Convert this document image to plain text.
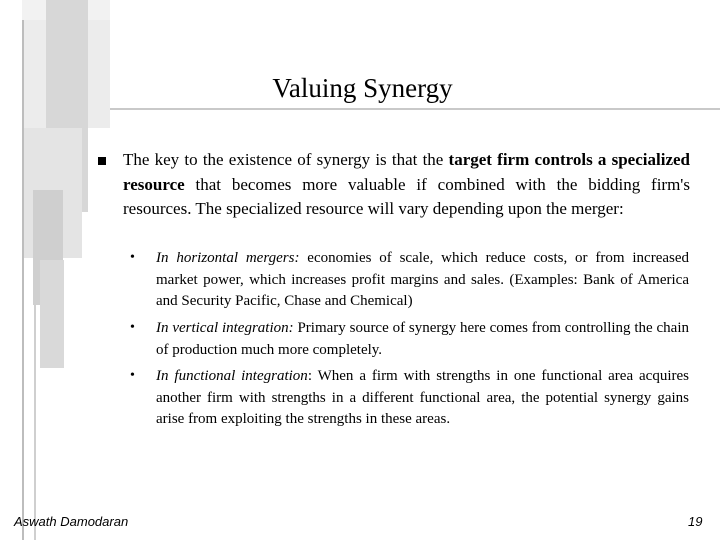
Valuing Synergy

The key to the existence of synergy is that the target firm controls a specialized resource that becomes more valuable if combined with the bidding firm's resources. The specialized resource will vary depending upon the merger:

• In horizontal mergers: economies of scale, which reduce costs, or from increased market power, which increases profit margins and sales. (Examples: Bank of America and Security Pacific, Chase and Chemical)

• In vertical integration: Primary source of synergy here comes from controlling the chain of production much more completely.

• In functional integration: When a firm with strengths in one functional area acquires another firm with strengths in a different functional area, the potential synergy gains arise from exploiting the strengths in these areas.

Aswath Damodaran	19
